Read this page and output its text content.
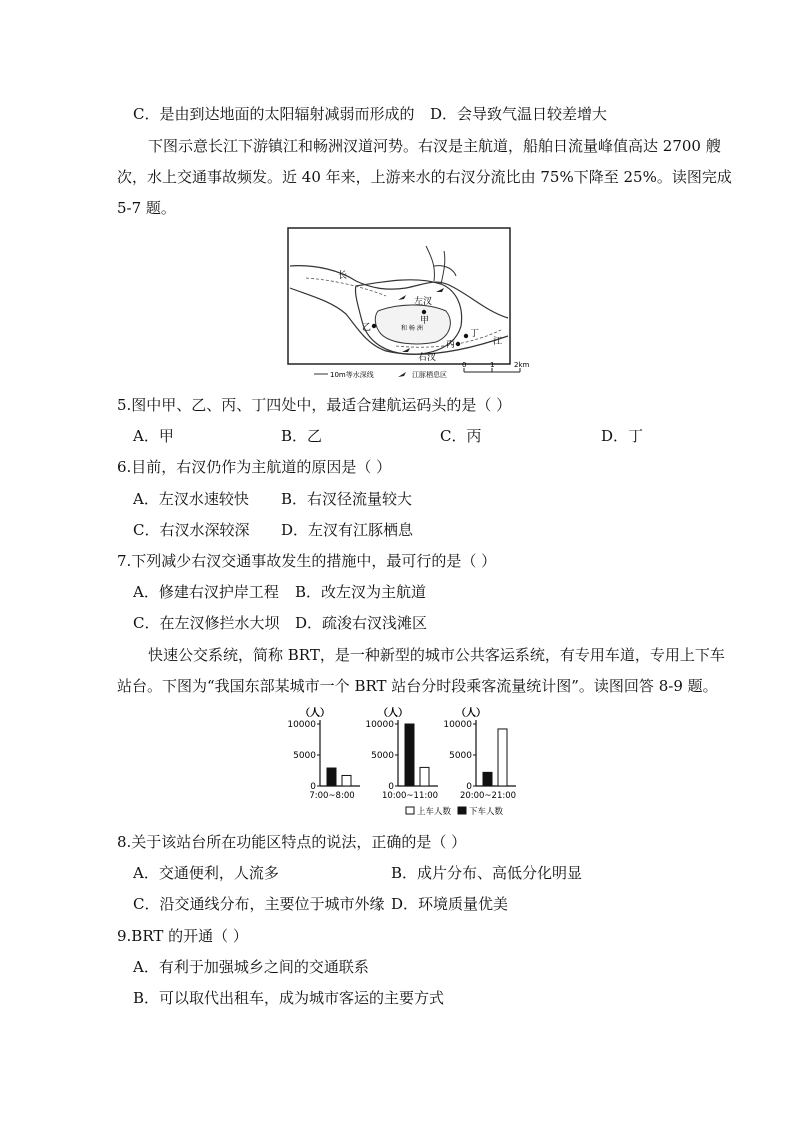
C．是由到达地面的太阳辐射减弱而形成的 D．会导致气温日较差增大
下图示意长江下游镇江和畅洲汊道河势。右汊是主航道，船舶日流量峰值高达 2700 艘
次，水上交通事故频发。近 40 年来，上游来水的右汊分流比由 75%下降至 25%。读图完成
5-7 题。
长
江
左汊
甲
乙	和 畅 洲
丙
丁
右汊
10m等水深线	江豚栖息区
0	1	2km
5.图中甲、乙、丙、丁四处中，最适合建航运码头的是（ ）
A．甲	B．乙	C．丙	D．丁
6.目前，右汊仍作为主航道的原因是（ ）
A．左汊水速较快 B．右汊径流量较大
C．右汊水深较深 D．左汊有江豚栖息
7.下列减少右汊交通事故发生的措施中，最可行的是（ ）
A．修建右汊护岸工程 B．改左汊为主航道
C．在左汊修拦水大坝 D．疏浚右汊浅滩区
快速公交系统，简称 BRT，是一种新型的城市公共客运系统，有专用车道，专用上下车
站台。下图为“我国东部某城市一个 BRT 站台分时段乘客流量统计图”。读图回答 8-9 题。
（人）
10000
5000
0
7:00~8:00
（人）
10000
5000
0
10:00~11:00
（人）
10000
5000
0
20:00~21:00
上车人数 下车人数
8.关于该站台所在功能区特点的说法，正确的是（ ）
A．交通便利，人流多	B．成片分布、高低分化明显
C．沿交通线分布，主要位于城市外缘 D．环境质量优美
9.BRT 的开通（ ）
A．有利于加强城乡之间的交通联系
B．可以取代出租车，成为城市客运的主要方式
